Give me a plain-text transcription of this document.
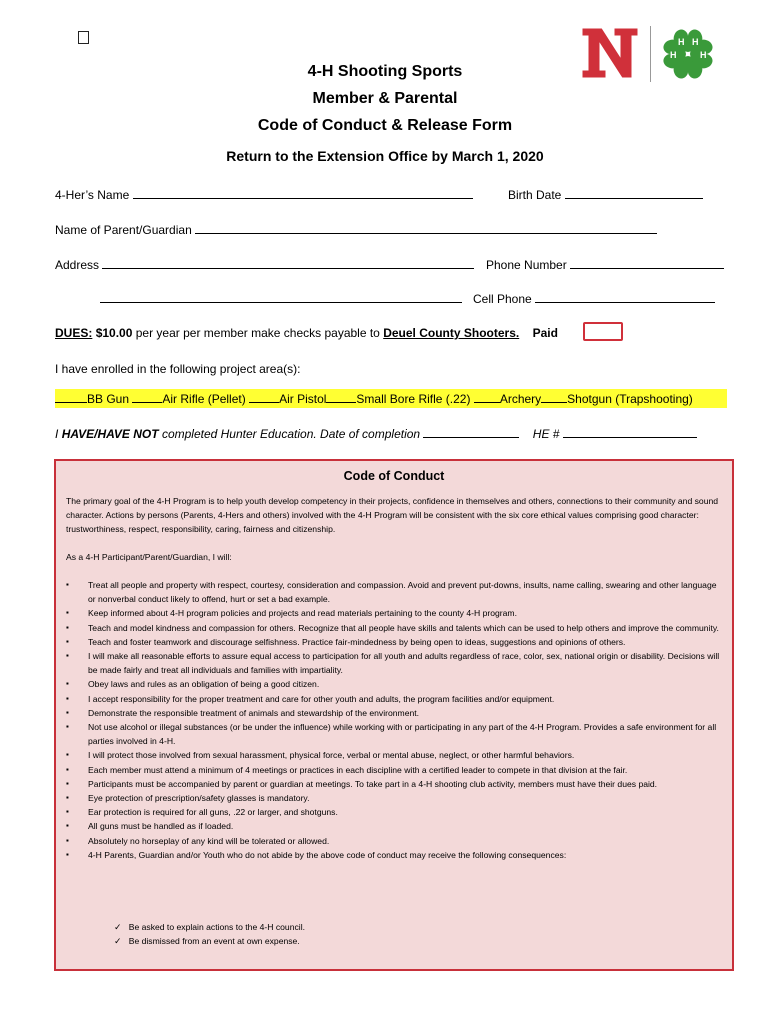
H H
H	H
4-H Shooting Sports
Member & Parental
Code of Conduct & Release Form
Return to the Extension Office by March 1, 2020
4-Her’s Name	Birth Date
Name of Parent/Guardian
Address	Phone Number
Cell Phone
DUES: $10.00 per year per member make checks payable to Deuel County Shooters. Paid
I have enrolled in the following project area(s):
BB Gun	Air Rifle (Pellet)	Air Pistol	Small Bore Rifle (.22) Archery Shotgun (Trapshooting)
I HAVE/HAVE NOT completed Hunter Education. Date of completion	HE #
Code of Conduct
The primary goal of the 4-H Program is to help youth develop competency in their projects, confidence in themselves and others, connections to their community and sound character. Actions by persons (Parents, 4-Hers and others) involved with the 4-H Program will be consistent with the six core ethical values comprising good character: trustworthiness, respect, responsibility, caring, fairness and citizenship.
As a 4-H Participant/Parent/Guardian, I will:
▪ Treat all people and property with respect, courtesy, consideration and compassion. Avoid and prevent put-downs, insults, name calling, swearing and other language or nonverbal conduct likely to offend, hurt or set a bad example.
▪ Keep informed about 4-H program policies and projects and read materials pertaining to the county 4-H program.
▪ Teach and model kindness and compassion for others. Recognize that all people have skills and talents which can be used to help others and improve the community.
▪ Teach and foster teamwork and discourage selfishness. Practice fair-mindedness by being open to ideas, suggestions and opinions of others.
▪ I will make all reasonable efforts to assure equal access to participation for all youth and adults regardless of race, color, sex, national origin or disability. Decisions will be made fairly and treat all individuals and families with impartiality.
▪ Obey laws and rules as an obligation of being a good citizen.
▪ I accept responsibility for the proper treatment and care for other youth and adults, the program facilities and/or equipment.
▪ Demonstrate the responsible treatment of animals and stewardship of the environment.
▪ Not use alcohol or illegal substances (or be under the influence) while working with or participating in any part of the 4-H Program. Provides a safe environment for all parties involved in 4-H.
▪ I will protect those involved from sexual harassment, physical force, verbal or mental abuse, neglect, or other harmful behaviors.
▪ Each member must attend a minimum of 4 meetings or practices in each discipline with a certified leader to compete in that division at the fair.
▪ Participants must be accompanied by parent or guardian at meetings. To take part in a 4-H shooting club activity, members must have their dues paid.
▪ Eye protection of prescription/safety glasses is mandatory.
▪ Ear protection is required for all guns, .22 or larger, and shotguns.
▪ All guns must be handled as if loaded.
▪ Absolutely no horseplay of any kind will be tolerated or allowed.
▪ 4-H Parents, Guardian and/or Youth who do not abide by the above code of conduct may receive the following consequences:
✓ Be asked to explain actions to the 4-H council.
✓ Be dismissed from an event at own expense.
